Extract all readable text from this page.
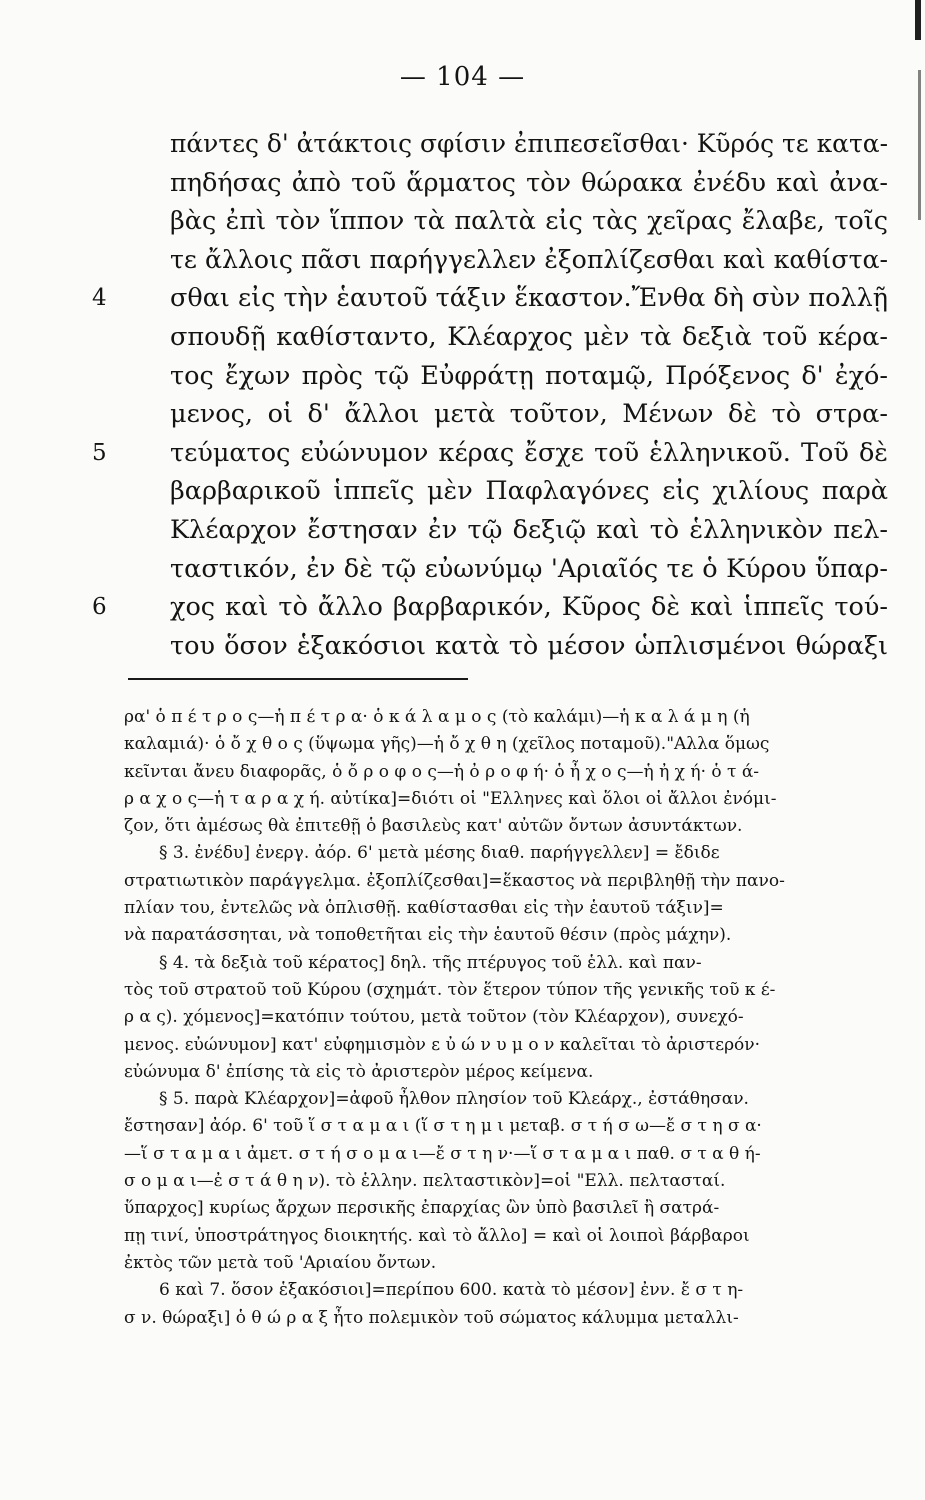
— 104 —
πάντες δ' ἀτάκτοις σφίσιν ἐπιπεσεῖσθαι· Κῦρός τε κατα-
πηδήσας ἀπὸ τοῦ ἅρματος τὸν θώρακα ἐνέδυ καὶ ἀνα-
βὰς ἐπὶ τὸν ἵππον τὰ παλτὰ εἰς τὰς χεῖρας ἔλαβε, τοῖς
τε ἄλλοις πᾶσι παρήγγελλεν ἐξοπλίζεσθαι καὶ καθίστα-
4	σθαι εἰς τὴν ἑαυτοῦ τάξιν ἕκαστον.Ἔνθα δὴ σὺν πολλῇ
σπουδῇ καθίσταντο, Κλέαρχος μὲν τὰ δεξιὰ τοῦ κέρα-
τος ἔχων πρὸς τῷ Εὐφράτῃ ποταμῷ, Πρόξενος δ' ἐχό-
μενος, οἱ δ' ἄλλοι μετὰ τοῦτον, Μένων δὲ τὸ στρα-
5	τεύματος εὐώνυμον κέρας ἔσχε τοῦ ἑλληνικοῦ. Τοῦ δὲ
βαρβαρικοῦ ἱππεῖς μὲν Παφλαγόνες εἰς χιλίους παρὰ
Κλέαρχον ἔστησαν ἐν τῷ δεξιῷ καὶ τὸ ἑλληνικὸν πελ-
ταστικόν, ἐν δὲ τῷ εὐωνύμῳ 'Αριαῖός τε ὁ Κύρου ὕπαρ-
6	χος καὶ τὸ ἄλλο βαρβαρικόν, Κῦρος δὲ καὶ ἱππεῖς τού-
του ὅσον ἑξακόσιοι κατὰ τὸ μέσον ὡπλισμένοι θώραξι
ρα' ὁ π έ τ ρ ο ς—ἡ π έ τ ρ α· ὁ κ ά λ α μ ο ς (τὸ καλάμι)—ἡ κ α λ ά μ η (ἡ
καλαμιά)· ὁ ὄ χ θ ο ς (ὕψωμα γῆς)—ἡ ὄ χ θ η (χεῖλος ποταμοῦ)."Αλλα ὅμως
κεῖνται ἄνευ διαφορᾶς, ὁ ὄ ρ ο φ ο ς—ἡ ὀ ρ ο φ ή· ὁ ἦ χ ο ς—ἡ ἠ χ ή· ὁ τ ά-
ρ α χ ο ς—ἡ τ α ρ α χ ή. αὐτίκα]=διότι οἱ "Ελληνες καὶ ὅλοι οἱ ἄλλοι ἐνόμι-
ζον, ὅτι ἀμέσως θὰ ἐπιτεθῇ ὁ βασιλεὺς κατ' αὐτῶν ὄντων ἀσυντάκτων.
§ 3. ἐνέδυ] ἐνεργ. ἀόρ. 6' μετὰ μέσης διαθ. παρήγγελλεν] = ἔδιδε
στρατιωτικὸν παράγγελμα. ἐξοπλίζεσθαι]=ἕκαστος νὰ περιβληθῇ τὴν πανο-
πλίαν του, ἐντελῶς νὰ ὁπλισθῇ. καθίστασθαι εἰς τὴν ἑαυτοῦ τάξιν]=
νὰ παρατάσσηται, νὰ τοποθετῆται εἰς τὴν ἑαυτοῦ θέσιν (πρὸς μάχην).
§ 4. τὰ δεξιὰ τοῦ κέρατος] δηλ. τῆς πτέρυγος τοῦ ἑλλ. καὶ παν-
τὸς τοῦ στρατοῦ τοῦ Κύρου (σχημάτ. τὸν ἕτερον τύπον τῆς γενικῆς τοῦ κ έ-
ρ α ς). χόμενος]=κατόπιν τούτου, μετὰ τοῦτον (τὸν Κλέαρχον), συνεχό-
μενος. εὐώνυμον] κατ' εὐφημισμὸν ε ὐ ώ ν υ μ ο ν καλεῖται τὸ ἀριστερόν·
εὐώνυμα δ' ἐπίσης τὰ εἰς τὸ ἀριστερὸν μέρος κείμενα.
§ 5. παρὰ Κλέαρχον]=ἀφοῦ ἦλθον πλησίον τοῦ Κλεάρχ., ἐστάθησαν.
ἔστησαν] ἀόρ. 6' τοῦ ἵ σ τ α μ α ι (ἵ σ τ η μ ι μεταβ. σ τ ή σ ω—ἔ σ τ η σ α·
—ἵ σ τ α μ α ι ἀμετ. σ τ ή σ ο μ α ι—ἔ σ τ η ν·—ἵ σ τ α μ α ι παθ. σ τ α θ ή-
σ ο μ α ι—ἐ σ τ ά θ η ν). τὸ ἑλλην. πελταστικὸν]=οἱ "Ελλ. πελτασταί.
ὕπαρχος] κυρίως ἄρχων περσικῆς ἐπαρχίας ὢν ὑπὸ βασιλεῖ ἢ σατρά-
πῃ τινί, ὑποστράτηγος διοικητής. καὶ τὸ ἄλλο] = καὶ οἱ λοιποὶ βάρβαροι
ἐκτὸς τῶν μετὰ τοῦ 'Αριαίου ὄντων.
6 καὶ 7. ὅσον ἑξακόσιοι]=περίπου 600. κατὰ τὸ μέσον] ἐνν. ἔ σ τ η-
σ ν. θώραξι] ὁ θ ώ ρ α ξ ἦτο πολεμικὸν τοῦ σώματος κάλυμμα μεταλλι-
